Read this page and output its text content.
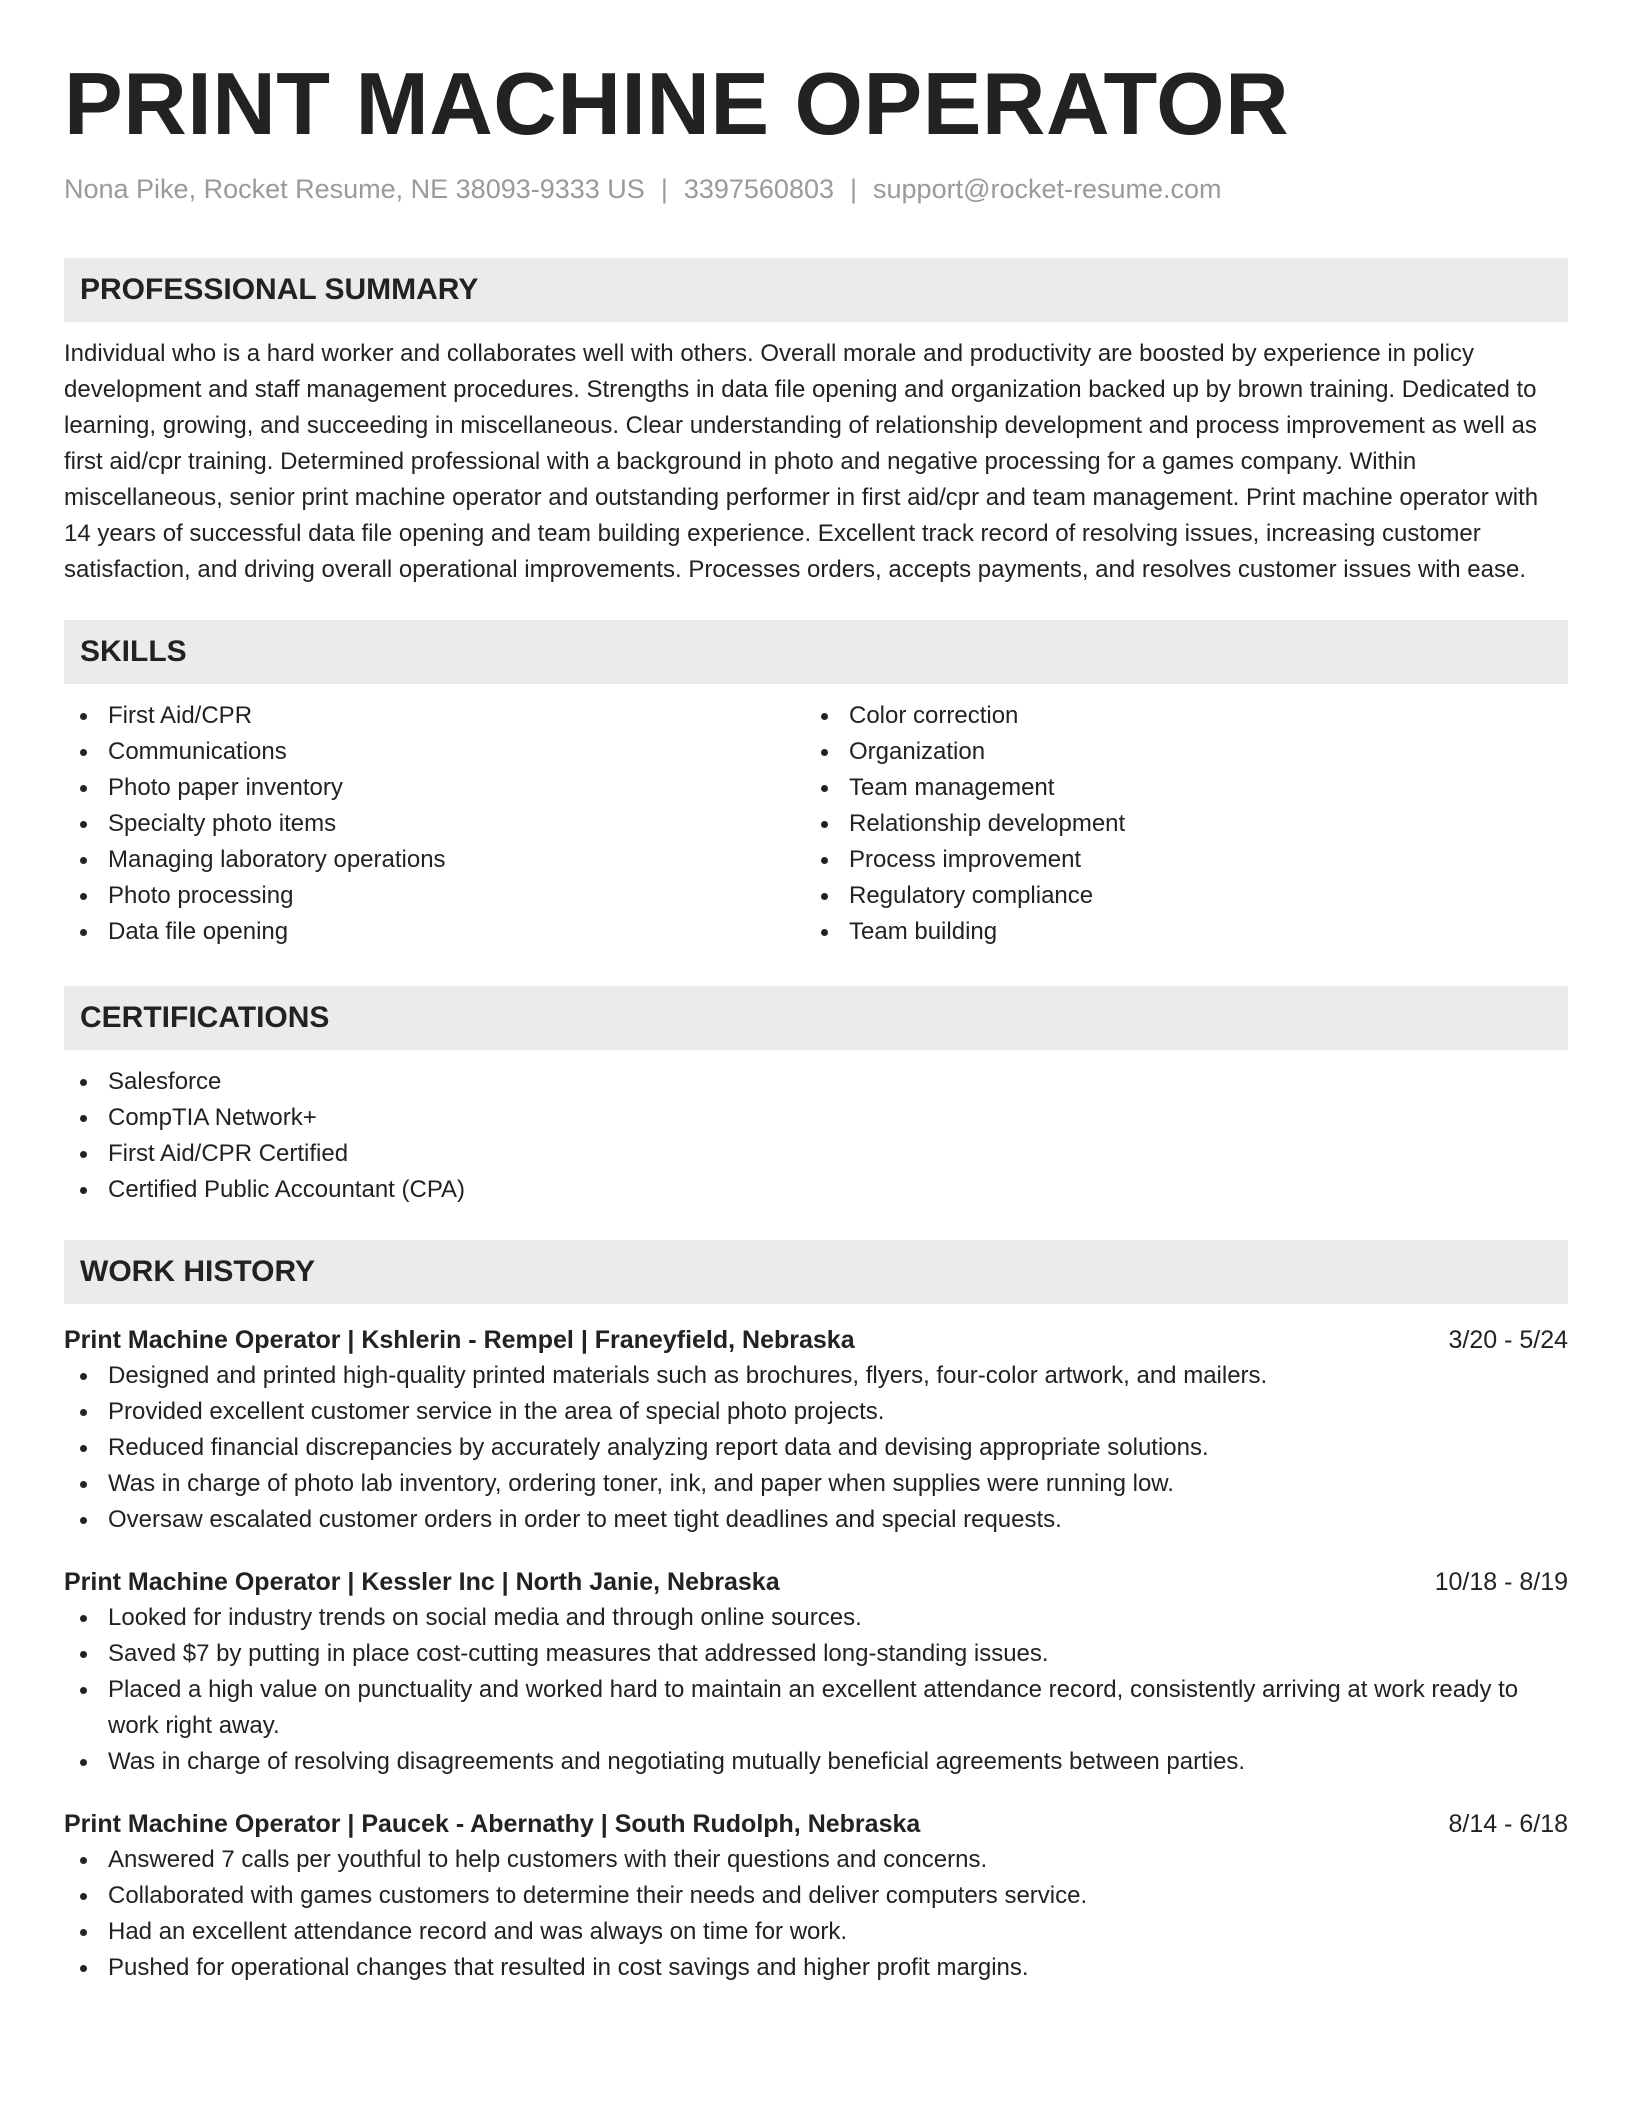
PRINT MACHINE OPERATOR
Nona Pike, Rocket Resume, NE 38093-9333 US | 3397560803 | support@rocket-resume.com
PROFESSIONAL SUMMARY

Individual who is a hard worker and collaborates well with others. Overall morale and productivity are boosted by experience in policy development and staff management procedures. Strengths in data file opening and organization backed up by brown training. Dedicated to learning, growing, and succeeding in miscellaneous. Clear understanding of relationship development and process improvement as well as first aid/cpr training. Determined professional with a background in photo and negative processing for a games company. Within miscellaneous, senior print machine operator and outstanding performer in first aid/cpr and team management. Print machine operator with 14 years of successful data file opening and team building experience. Excellent track record of resolving issues, increasing customer satisfaction, and driving overall operational improvements. Processes orders, accepts payments, and resolves customer issues with ease.

SKILLS
First Aid/CPR
Communications
Photo paper inventory
Specialty photo items
Managing laboratory operations
Photo processing
Data file opening
Color correction
Organization
Team management
Relationship development
Process improvement
Regulatory compliance
Team building
CERTIFICATIONS
Salesforce
CompTIA Network+
First Aid/CPR Certified
Certified Public Accountant (CPA)
WORK HISTORY
Print Machine Operator | Kshlerin - Rempel | Franeyfield, Nebraska	3/20 - 5/24
Designed and printed high-quality printed materials such as brochures, flyers, four-color artwork, and mailers.
Provided excellent customer service in the area of special photo projects.
Reduced financial discrepancies by accurately analyzing report data and devising appropriate solutions.
Was in charge of photo lab inventory, ordering toner, ink, and paper when supplies were running low.
Oversaw escalated customer orders in order to meet tight deadlines and special requests.
Print Machine Operator | Kessler Inc | North Janie, Nebraska	10/18 - 8/19
Looked for industry trends on social media and through online sources.
Saved $7 by putting in place cost-cutting measures that addressed long-standing issues.
Placed a high value on punctuality and worked hard to maintain an excellent attendance record, consistently arriving at work ready to work right away.
Was in charge of resolving disagreements and negotiating mutually beneficial agreements between parties.
Print Machine Operator | Paucek - Abernathy | South Rudolph, Nebraska	8/14 - 6/18
Answered 7 calls per youthful to help customers with their questions and concerns.
Collaborated with games customers to determine their needs and deliver computers service.
Had an excellent attendance record and was always on time for work.
Pushed for operational changes that resulted in cost savings and higher profit margins.
